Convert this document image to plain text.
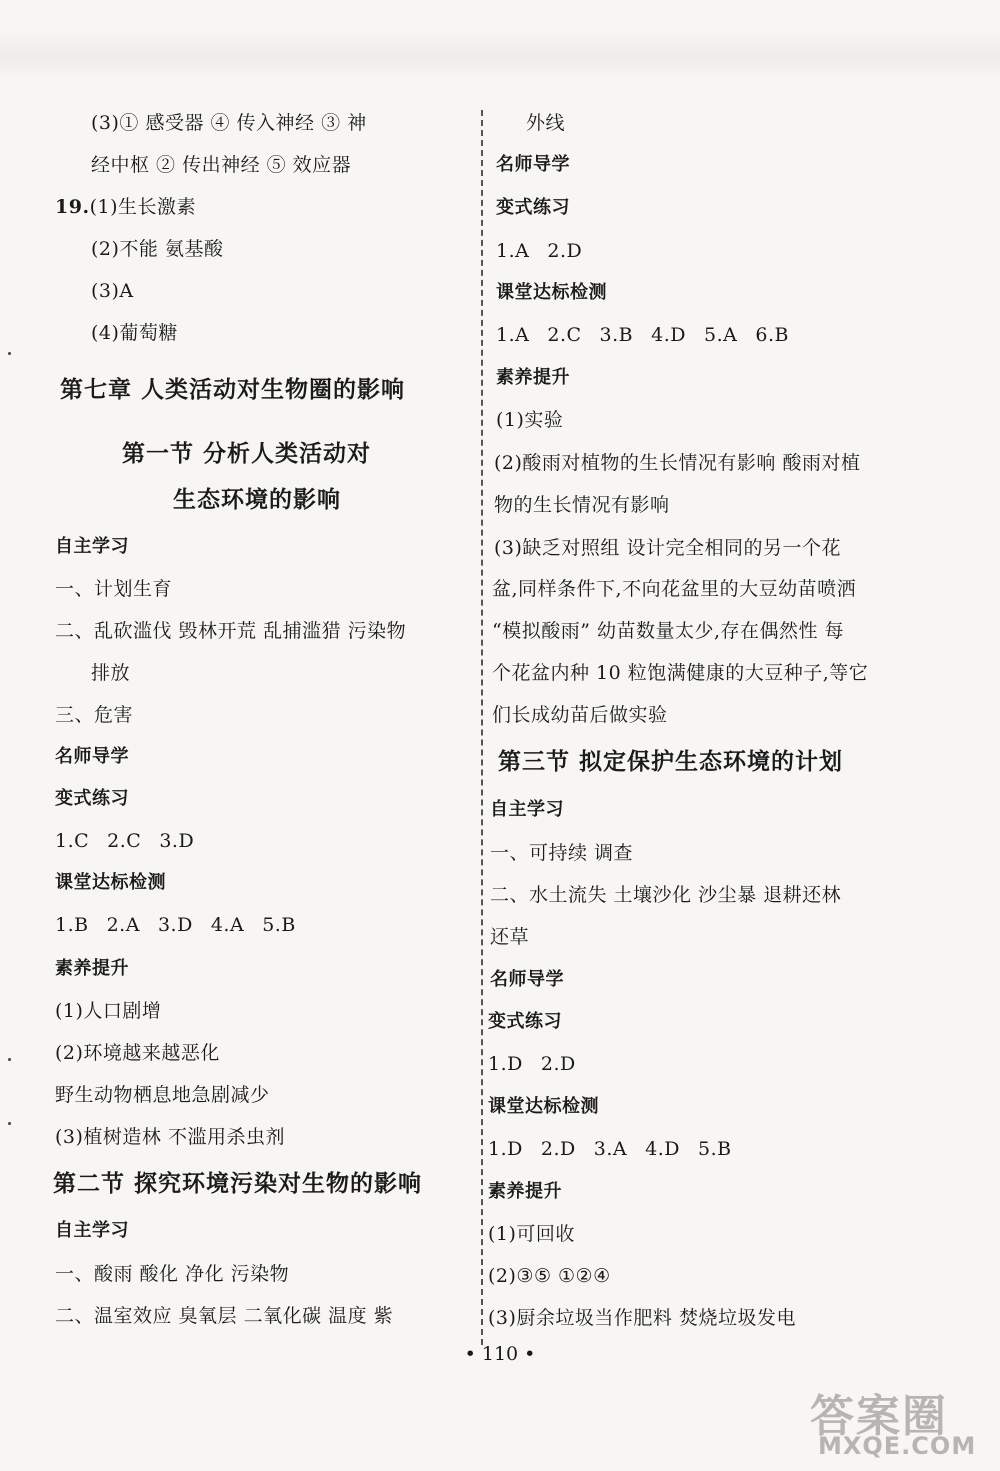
(3)① 感受器 ④ 传入神经 ③ 神
经中枢 ② 传出神经 ⑤ 效应器
19.(1)生长激素
(2)不能 氨基酸
(3)A
(4)葡萄糖
第七章 人类活动对生物圈的影响
第一节 分析人类活动对
生态环境的影响
自主学习
一、计划生育
二、乱砍滥伐 毁林开荒 乱捕滥猎 污染物
排放
三、危害
名师导学
变式练习
1.C 2.C 3.D
课堂达标检测
1.B 2.A 3.D 4.A 5.B
素养提升
(1)人口剧增
(2)环境越来越恶化
野生动物栖息地急剧减少
(3)植树造林 不滥用杀虫剂
第二节 探究环境污染对生物的影响
自主学习
一、酸雨 酸化 净化 污染物
二、温室效应 臭氧层 二氧化碳 温度 紫
外线
名师导学
变式练习
1.A 2.D
课堂达标检测
1.A 2.C 3.B 4.D 5.A 6.B
素养提升
(1)实验
(2)酸雨对植物的生长情况有影响 酸雨对植
物的生长情况有影响
(3)缺乏对照组 设计完全相同的另一个花
盆,同样条件下,不向花盆里的大豆幼苗喷洒
“模拟酸雨” 幼苗数量太少,存在偶然性 每
个花盆内种 10 粒饱满健康的大豆种子,等它
们长成幼苗后做实验
第三节 拟定保护生态环境的计划
自主学习
一、可持续 调查
二、水土流失 土壤沙化 沙尘暴 退耕还林
还草
名师导学
变式练习
1.D 2.D
课堂达标检测
1.D 2.D 3.A 4.D 5.B
素养提升
(1)可回收
(2)③⑤ ①②④
(3)厨余垃圾当作肥料 焚烧垃圾发电
• 110 •
答案圈
MXQE.COM
